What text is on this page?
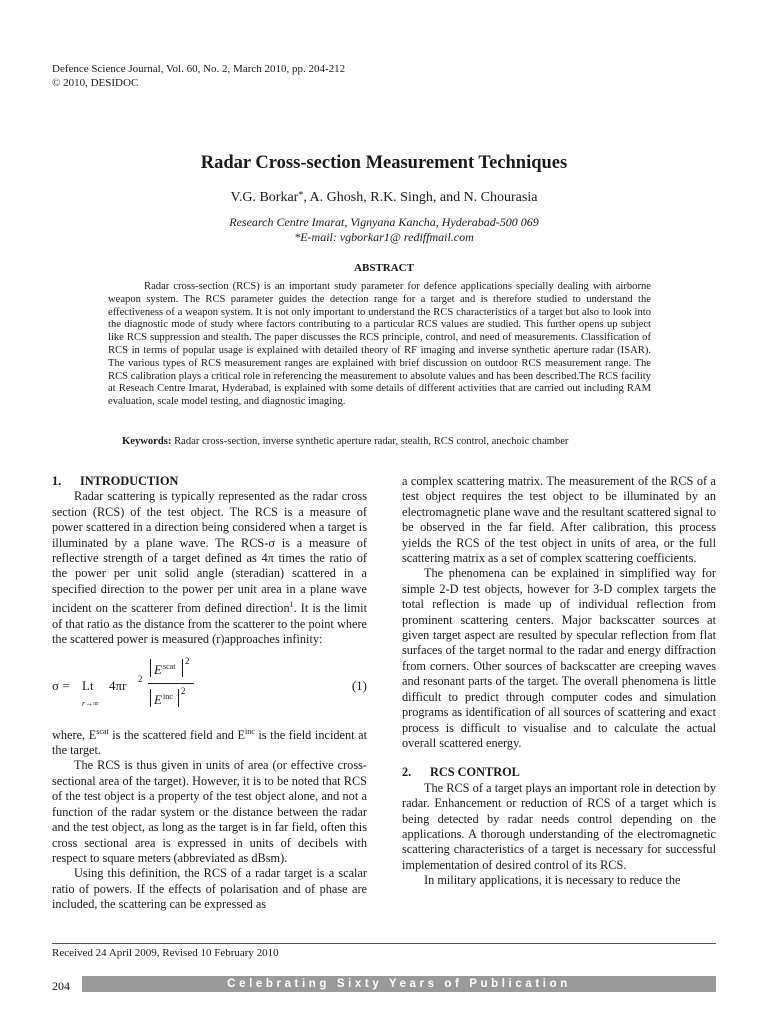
Defence Science Journal, Vol. 60, No. 2, March 2010, pp. 204-212
© 2010, DESIDOC
Radar Cross-section Measurement Techniques
V.G. Borkar*, A. Ghosh, R.K. Singh, and N. Chourasia
Research Centre Imarat, Vignyana Kancha, Hyderabad-500 069
*E-mail: vgborkar1@ rediffmail.com
ABSTRACT

Radar cross-section (RCS) is an important study parameter for defence applications specially dealing with airborne weapon system. The RCS parameter guides the detection range for a target and is therefore studied to understand the effectiveness of a weapon system. It is not only important to understand the RCS characteristics of a target but also to look into the diagnostic mode of study where factors contributing to a particular RCS values are studied. This further opens up subject like RCS suppression and stealth. The paper discusses the RCS principle, control, and need of measurements. Classification of RCS in terms of popular usage is explained with detailed theory of RF imaging and inverse synthetic aperture radar (ISAR). The various types of RCS measurement ranges are explained with brief discussion on outdoor RCS measurement range. The RCS calibration plays a critical role in referencing the measurement to absolute values and has been described.The RCS facility at Reseach Centre Imarat, Hyderabad, is explained with some details of different activities that are carried out including RAM evaluation, scale model testing, and diagnostic imaging.

Keywords: Radar cross-section, inverse synthetic aperture radar, stealth, RCS control, anechoic chamber

1. INTRODUCTION

Radar scattering is typically represented as the radar cross section (RCS) of the test object. The RCS is a measure of power scattered in a direction being considered when a target is illuminated by a plane wave. The RCS-σ is a measure of reflective strength of a target defined as 4π times the ratio of the power per unit solid angle (steradian) scattered in a specified direction to the power per unit area in a plane wave incident on the scatterer from defined direction$^1$. It is the limit of that ratio as the distance from the scatterer to the point where the scattered power is measured (r)approaches infinity:

σ = Lt
r→∞
4πr 2
E scat
2
E inc
2	(1)

where, $E^{scat}$ is the scattered field and $E^{inc}$ is the field incident at the target.

The RCS is thus given in units of area (or effective cross-sectional area of the target). However, it is to be noted that RCS of the test object is a property of the test object alone, and not a function of the radar system or the distance between the radar and the test object, as long as the target is in far field, often this cross sectional area is expressed in units of decibels with respect to square meters (abbreviated as dBsm).

Using this definition, the RCS of a radar target is a scalar ratio of powers. If the effects of polarisation and of phase are included, the scattering can be expressed as

a complex scattering matrix. The measurement of the RCS of a test object requires the test object to be illuminated by an electromagnetic plane wave and the resultant scattered signal to be observed in the far field. After calibration, this process yields the RCS of the test object in units of area, or the full scattering matrix as a set of complex scattering coefficients.

The phenomena can be explained in simplified way for simple 2-D test objects, however for 3-D complex targets the total reflection is made up of individual reflection from prominent scattering centers. Major backscatter sources at given target aspect are resulted by specular reflection from flat surfaces of the target normal to the radar and energy diffraction from corners. Other sources of backscatter are creeping waves and resonant parts of the target. The overall phenomena is little difficult to predict through computer codes and simulation programs as identification of all sources of scattering and exact process is difficult to visualise and to calculate the actual overall scattered energy.

2. RCS CONTROL

The RCS of a target plays an important role in detection by radar. Enhancement or reduction of RCS of a target which is being detected by radar needs control depending on the applications. A thorough understanding of the electromagnetic scattering characteristics of a target is necessary for successful implementation of desired control of its RCS.

In military applications, it is necessary to reduce the

Received 24 April 2009, Revised 10 February 2010
204	Celebrating Sixty Years of Publication
